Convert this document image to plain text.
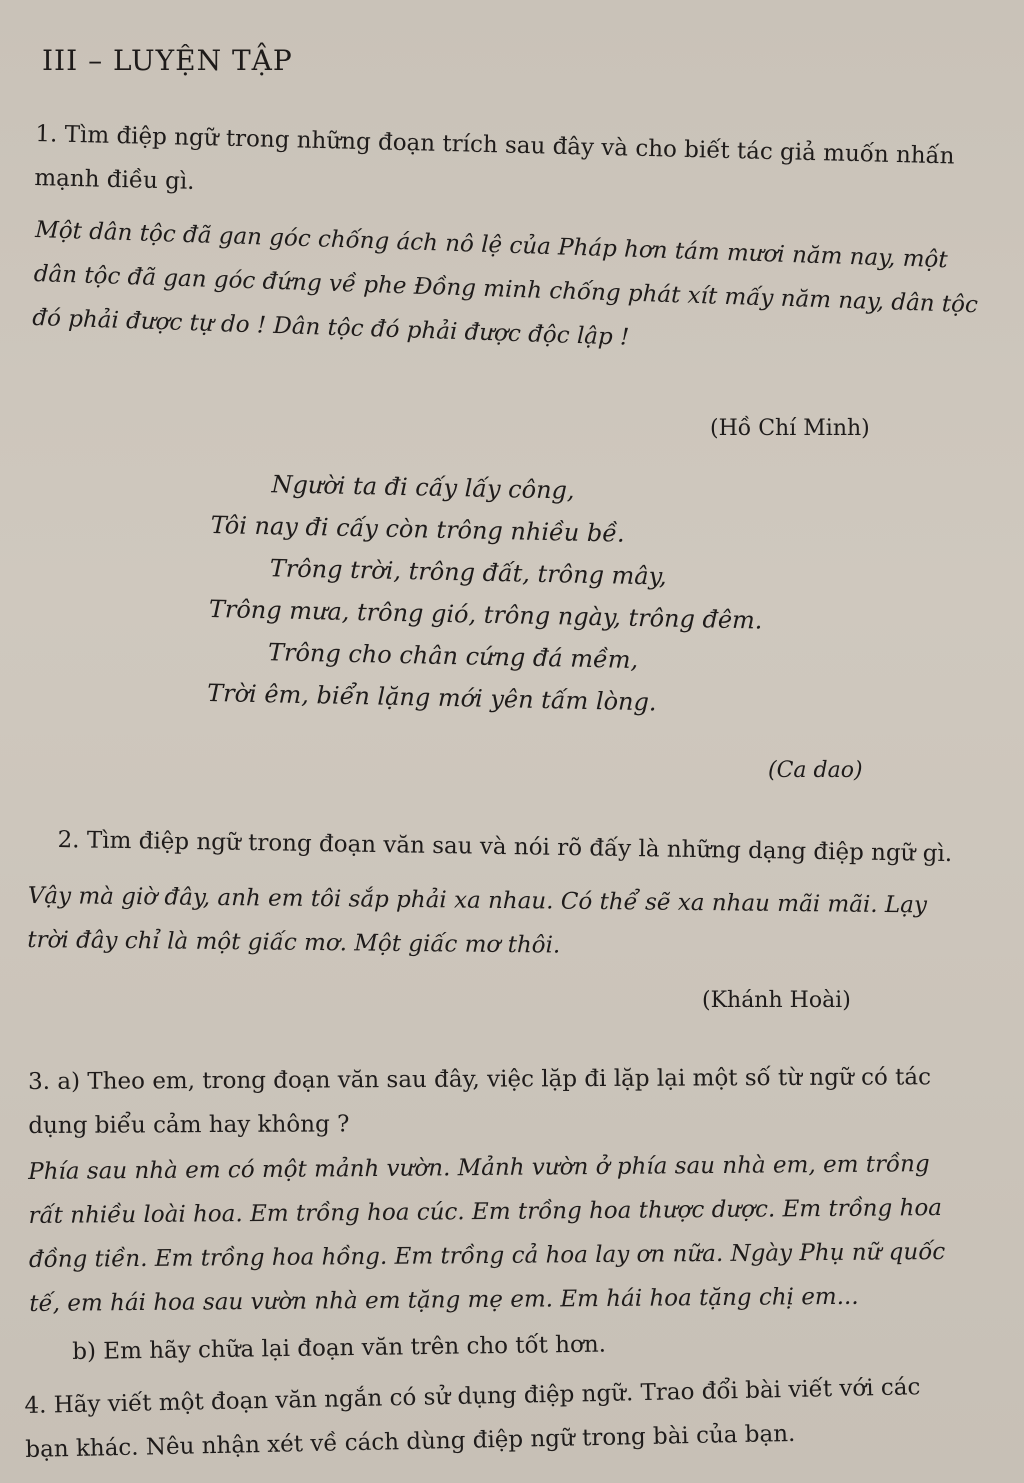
III – LUYỆN TẬP
1. Tìm điệp ngữ trong những đoạn trích sau đây và cho biết tác giả muốn nhấn mạnh điều gì.
Một dân tộc đã gan góc chống ách nô lệ của Pháp hơn tám mươi năm nay, một dân tộc đã gan góc đứng về phe Đồng minh chống phát xít mấy năm nay, dân tộc đó phải được tự do ! Dân tộc đó phải được độc lập !
(Hồ Chí Minh)
Người ta đi cấy lấy công,
Tôi nay đi cấy còn trông nhiều bề.
Trông trời, trông đất, trông mây,
Trông mưa, trông gió, trông ngày, trông đêm.
Trông cho chân cứng đá mềm,
Trời êm, biển lặng mới yên tấm lòng.
(Ca dao)
2. Tìm điệp ngữ trong đoạn văn sau và nói rõ đấy là những dạng điệp ngữ gì.
Vậy mà giờ đây, anh em tôi sắp phải xa nhau. Có thể sẽ xa nhau mãi mãi. Lạy trời đây chỉ là một giấc mơ. Một giấc mơ thôi.
(Khánh Hoài)
3. a) Theo em, trong đoạn văn sau đây, việc lặp đi lặp lại một số từ ngữ có tác dụng biểu cảm hay không ?
Phía sau nhà em có một mảnh vườn. Mảnh vườn ở phía sau nhà em, em trồng rất nhiều loài hoa. Em trồng hoa cúc. Em trồng hoa thược dược. Em trồng hoa đồng tiền. Em trồng hoa hồng. Em trồng cả hoa lay ơn nữa. Ngày Phụ nữ quốc tế, em hái hoa sau vườn nhà em tặng mẹ em. Em hái hoa tặng chị em...
b) Em hãy chữa lại đoạn văn trên cho tốt hơn.
4. Hãy viết một đoạn văn ngắn có sử dụng điệp ngữ. Trao đổi bài viết với các bạn khác. Nêu nhận xét về cách dùng điệp ngữ trong bài của bạn.
